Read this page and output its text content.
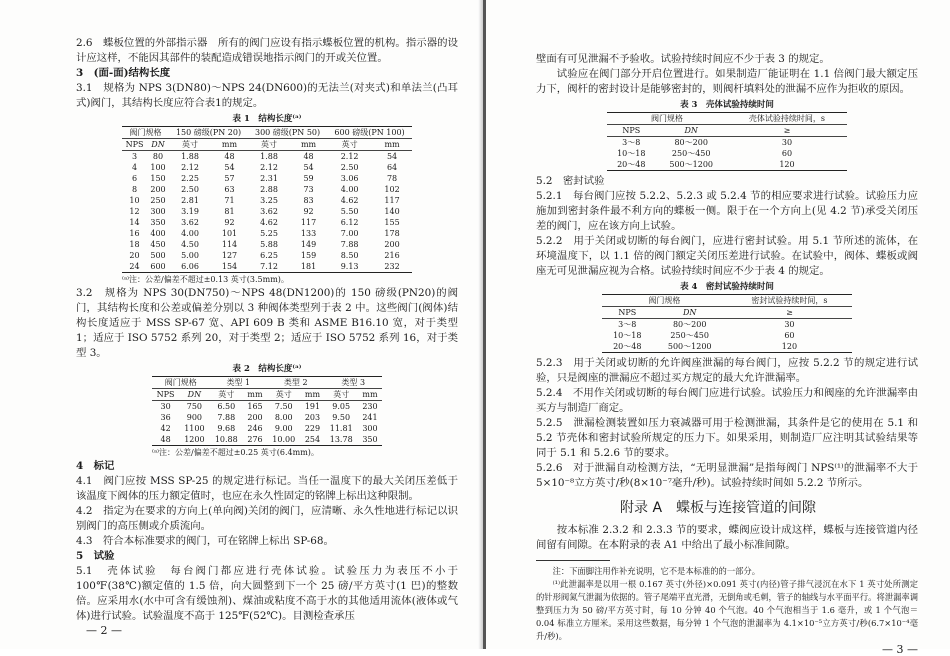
2.6　蝶板位置的外部指示器　所有的阀门应设有指示蝶板位置的机构。指示器的设计应这样，不能因其部件的装配造成错误地指示阀门的开或关位置。
3　(面-面)结构长度
3.1　规格为 NPS 3(DN80)～NPS 24(DN600)的无法兰(对夹式)和单法兰(凸耳式)阀门，其结构长度应符合表1的规定。
表 1　结构长度⁽ᵃ⁾
阀门规格		150 磅级(PN 20)		300 磅级(PN 50)		600 磅级(PN 100)	
NPS	DN	英寸	mm	英寸	mm	英寸	mm
3	80	1.88	48	1.88	48	2.12	54
4	100	2.12	54	2.12	54	2.50	64
6	150	2.25	57	2.31	59	3.06	78
8	200	2.50	63	2.88	73	4.00	102
10	250	2.81	71	3.25	83	4.62	117
12	300	3.19	81	3.62	92	5.50	140
14	350	3.62	92	4.62	117	6.12	155
16	400	4.00	101	5.25	133	7.00	178
18	450	4.50	114	5.88	149	7.88	200
20	500	5.00	127	6.25	159	8.50	216
24	600	6.06	154	7.12	181	9.13	232
⁽ᵃ⁾注：公差/偏差不超过±0.13 英寸(3.5mm)。
3.2　规格为 NPS 30(DN750)～NPS 48(DN1200)的 150 磅级(PN20)的阀门，其结构长度和公差或偏差分别以 3 种阀体类型列于表 2 中。这些阀门(阀体)结构长度适应于 MSS SP-67 宽、API 609 B 类和 ASME B16.10 宽，对于类型 1；适应于 ISO 5752 系列 20，对于类型 2；适应于 ISO 5752 系列 16，对于类型 3。
表 2　结构长度⁽ᵃ⁾
阀门规格		类型 1		类型 2		类型 3	
NPS	DN	英寸	mm	英寸	mm	英寸	mm
30	750	6.50	165	7.50	191	9.05	230
36	900	7.88	200	8.00	203	9.50	241
42	1100	9.68	246	9.00	229	11.81	300
48	1200	10.88	276	10.00	254	13.78	350
⁽ᵃ⁾注：公差/偏差不超过±0.25 英寸(6.4mm)。
4　标记
4.1　阀门应按 MSS SP-25 的规定进行标记。当任一温度下的最大关闭压差低于该温度下阀体的压力额定值时，也应在永久性固定的铭牌上标出这种限制。
4.2　指定为在要求的方向上(单向阀)关闭的阀门，应清晰、永久性地进行标记以识别阀门的高压侧或介质流向。
4.3　符合本标准要求的阀门，可在铭牌上标出 SP-68。
5　试验
5.1　壳体试验　每台阀门都应进行壳体试验。试验压力为表压不小于 100℉(38℃)额定值的 1.5 倍，向大圆整到下一个 25 磅/平方英寸(1 巴)的整数倍。应采用水(水中可含有缓蚀剂)、煤油或粘度不高于水的其他适用流体(液体或气体)进行试验。试验温度不高于 125℉(52℃)。目测检查承压
— 2 —
壁面有可见泄漏不予验收。试验持续时间应不少于表 3 的规定。
试验应在阀门部分开启位置进行。如果制造厂能证明在 1.1 倍阀门最大额定压力下，阀杆的密封设计是能够密封的，则阀杆填料处的泄漏不应作为拒收的原因。
表 3　壳体试验持续时间
阀门规格		壳体试验持续时间，s
NPS	DN	≥
3～8	80～200	30
10～18	250～450	60
20～48	500～1200	120
5.2　密封试验
5.2.1　每台阀门应按 5.2.2、5.2.3 或 5.2.4 节的相应要求进行试验。试验压力应施加到密封条件最不利方向的蝶板一侧。限于在一个方向上(见 4.2 节)承受关闭压差的阀门，应在该方向上试验。
5.2.2　用于关闭或切断的每台阀门，应进行密封试验。用 5.1 节所述的流体，在环境温度下，以 1.1 倍的阀门额定关闭压差进行试验。在试验中，阀体、蝶板或阀座无可见泄漏应视为合格。试验持续时间应不少于表 4 的规定。
表 4　密封试验持续时间
阀门规格		密封试验持续时间，s
NPS	DN	≥
3～8	80～200	30
10～18	250～450	60
20～48	500～1200	120
5.2.3　用于关闭或切断的允许阀座泄漏的每台阀门，应按 5.2.2 节的规定进行试验，只是阀座的泄漏应不超过买方规定的最大允许泄漏率。
5.2.4　不用作关闭或切断的每台阀门应进行试验。试验压力和阀座的允许泄漏率由买方与制造厂商定。
5.2.5　泄漏检测装置如压力衰减器可用于检测泄漏，其条件是它的使用在 5.1 和 5.2 节壳体和密封试验所规定的压力下。如果采用，则制造厂应注明其试验结果等同于 5.1 和 5.2.6 节的要求。
5.2.6　对于泄漏自动检测方法，“无明显泄漏”是指每阀门 NPS⁽¹⁾的泄漏率不大于 5×10⁻⁸立方英寸/秒(8×10⁻⁷毫升/秒)。试验持续时间如 5.2.2 节所示。
附录 A　蝶板与连接管道的间隙
按本标准 2.3.2 和 2.3.3 节的要求，蝶阀应设计成这样，蝶板与连接管道内径间留有间隙。在本附录的表 A1 中给出了最小标准间隙。
注：下面脚注用作补充说明，它不是本标准的的一部分。
⁽¹⁾此泄漏率是以用一根 0.167 英寸(外径)×0.091 英寸(内径)管子排气浸沉在水下 1 英寸处所测定的针形阀氮气泄漏为依据的。管子尾端平直光滑，无倒角或毛刺，管子的轴线与水平面平行。将泄漏率调整到压力为 50 磅/平方英寸时，每 10 分钟 40 个气泡。40 个气泡相当于 1.6 毫升，或 1 个气泡＝0.04 标准立方厘米。采用这些数据，每分钟 1 个气泡的泄漏率为 4.1×10⁻⁵立方英寸/秒(6.7×10⁻⁴毫升/秒)。
— 3 —
